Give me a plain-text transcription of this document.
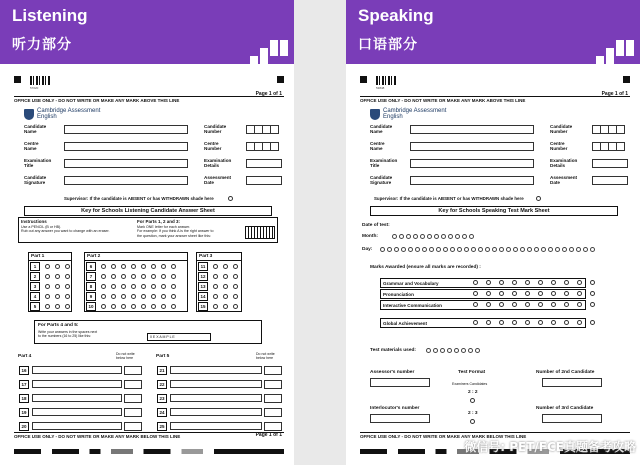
Listening
听力部分
57020
Page 1 of 1
OFFICE USE ONLY - DO NOT WRITE OR MAKE ANY MARK ABOVE THIS LINE
Cambridge Assessment
English
Candidate
Name
Candidate
Number
Centre
Name
Centre
Number
Examination
Title
Examination
Details
Candidate
Signature
Assessment
Date
Supervisor: If the candidate is ABSENT or has WITHDRAWN shade here
Key for Schools Listening Candidate Answer Sheet
Instructions
Use a PENCIL (B or HB).
Rub out any answer you want to change with an eraser.
For Parts 1, 2 and 3:
Mark ONE letter for each answer.
For example: If you think A is the right answer to
the question, mark your answer sheet like this:
Part 1
1
2
3
4
5
Part 2
6
7
8
9
10
Part 3
11
12
13
14
15
For Parts 4 and 5:
Write your answers in the spaces next
to the numbers (16 to 25) like this:	0 E X A M P L E
Part 4	Do not write
below here
16
17
18
19
20
Part 5	Do not write
below here
21
22
23
24
25
OFFICE USE ONLY - DO NOT WRITE OR MAKE ANY MARK BELOW THIS LINE	Page 1 of 1
Speaking
口语部分
53848
Page 1 of 1
OFFICE USE ONLY - DO NOT WRITE OR MAKE ANY MARK ABOVE THIS LINE
Cambridge Assessment
English
Candidate
Name
Candidate
Number
Centre
Name
Centre
Number
Examination
Title
Examination
Details
Candidate
Signature
Assessment
Date
Supervisor: If the candidate is ABSENT or has WITHDRAWN shade here
Key for Schools Speaking Test Mark Sheet
Date of test:
Month:
Day:
Marks Awarded (ensure all marks are recorded) :
Grammar and Vocabulary
Pronunciation
Interactive Communication
Global Achievement
Test materials used:
Assessor's number	Test Format
Examiners Candidates
2 : 2
2 : 3
Number of 2nd Candidate
Interlocutor's number	Number of 3rd Candidate
OFFICE USE ONLY - DO NOT WRITE OR MAKE ANY MARK BELOW THIS LINE
微信号: PET/FCE真题备考攻略
